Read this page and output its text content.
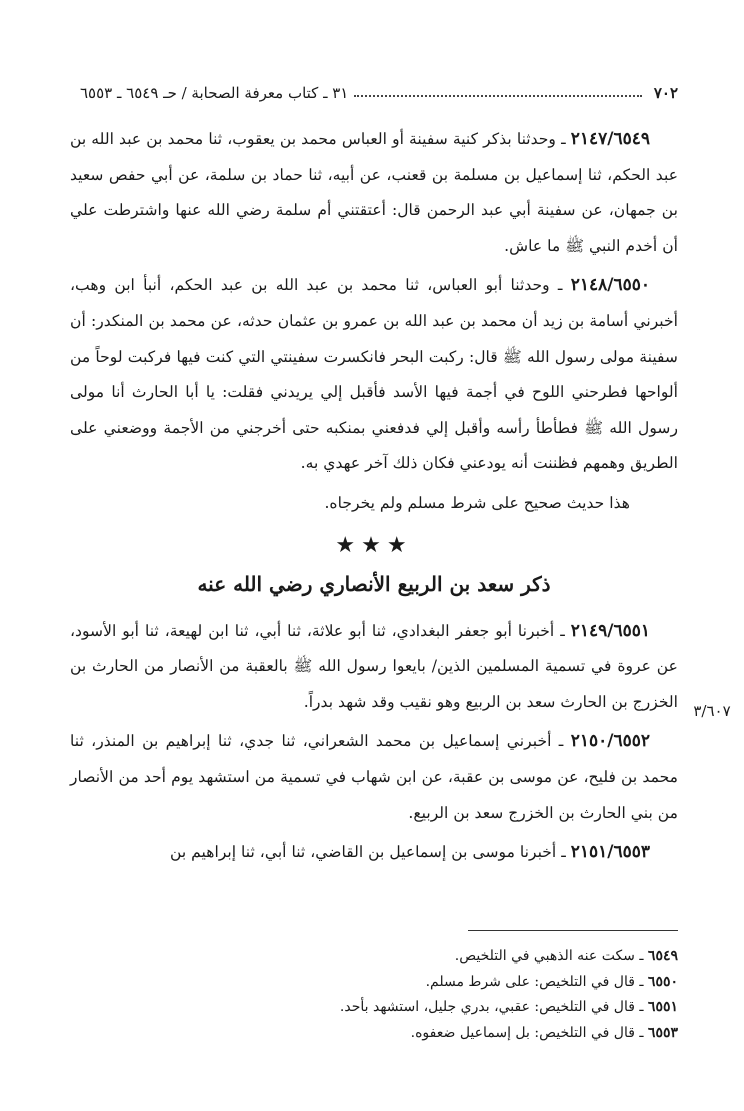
٧٠٢
٣١ ـ كتاب معرفة الصحابة / حـ ٦٥٤٩ ـ ٦٥٥٣
٣/٦٠٧

٢١٤٧/٦٥٤٩ ـ وحدثنا بذكر كنية سفينة أو العباس محمد بن يعقوب، ثنا محمد بن عبد الله بن عبد الحكم، ثنا إسماعيل بن مسلمة بن قعنب، عن أبيه، ثنا حماد بن سلمة، عن أبي حفص سعيد بن جمهان، عن سفينة أبي عبد الرحمن قال: أعتقتني أم سلمة رضي الله عنها واشترطت علي أن أخدم النبي ﷺ ما عاش.

٢١٤٨/٦٥٥٠ ـ وحدثنا أبو العباس، ثنا محمد بن عبد الله بن عبد الحكم، أنبأ ابن وهب، أخبرني أسامة بن زيد أن محمد بن عبد الله بن عمرو بن عثمان حدثه، عن محمد بن المنكدر: أن سفينة مولى رسول الله ﷺ قال: ركبت البحر فانكسرت سفينتي التي كنت فيها فركبت لوحاً من ألواحها فطرحني اللوح في أجمة فيها الأسد فأقبل إلي يريدني فقلت: يا أبا الحارث أنا مولى رسول الله ﷺ فطأطأ رأسه وأقبل إلي فدفعني بمنكبه حتى أخرجني من الأجمة ووضعني على الطريق وهمهم فظننت أنه يودعني فكان ذلك آخر عهدي به.

هذا حديث صحيح على شرط مسلم ولم يخرجاه.

★★★
ذكر سعد بن الربيع الأنصاري رضي الله عنه

٢١٤٩/٦٥٥١ ـ أخبرنا أبو جعفر البغدادي، ثنا أبو علاثة، ثنا أبي، ثنا ابن لهيعة، ثنا أبو الأسود، عن عروة في تسمية المسلمين الذين/ بايعوا رسول الله ﷺ بالعقبة من الأنصار من الحارث بن الخزرج بن الحارث سعد بن الربيع وهو نقيب وقد شهد بدراً.

٢١٥٠/٦٥٥٢ ـ أخبرني إسماعيل بن محمد الشعراني، ثنا جدي، ثنا إبراهيم بن المنذر، ثنا محمد بن فليح، عن موسى بن عقبة، عن ابن شهاب في تسمية من استشهد يوم أحد من الأنصار من بني الحارث بن الخزرج سعد بن الربيع.

٢١٥١/٦٥٥٣ ـ أخبرنا موسى بن إسماعيل بن القاضي، ثنا أبي، ثنا إبراهيم بن

٦٥٤٩ ـ سكت عنه الذهبي في التلخيص.

٦٥٥٠ ـ قال في التلخيص: على شرط مسلم.

٦٥٥١ ـ قال في التلخيص: عقبي، بدري جليل، استشهد بأحد.

٦٥٥٣ ـ قال في التلخيص: بل إسماعيل ضعفوه.
